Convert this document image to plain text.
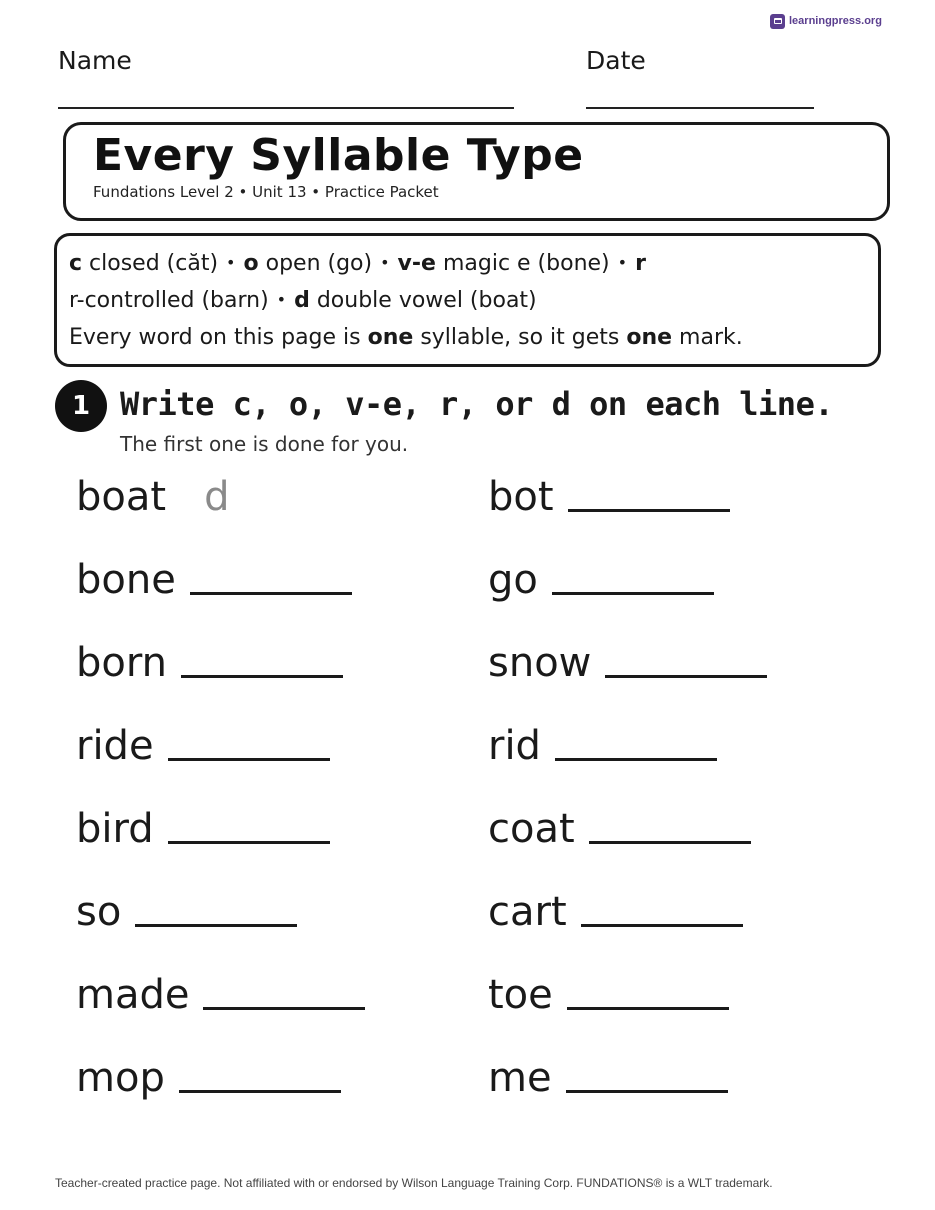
learningpress.org
Name	Date
Every Syllable Type
Fundations Level 2 • Unit 13 • Practice Packet
c closed (căt) • o open (go) • v-e magic e (bone) • r
r-controlled (barn) • d double vowel (boat)
Every word on this page is one syllable, so it gets one mark.
1 Write c, o, v-e, r, or d on each line.
The first one is done for you.
boat d
bone
born
ride
bird
so
made
mop
bot
go
snow
rid
coat
cart
toe
me
Teacher-created practice page. Not affiliated with or endorsed by Wilson Language Training Corp. FUNDATIONS® is a WLT trademark.
